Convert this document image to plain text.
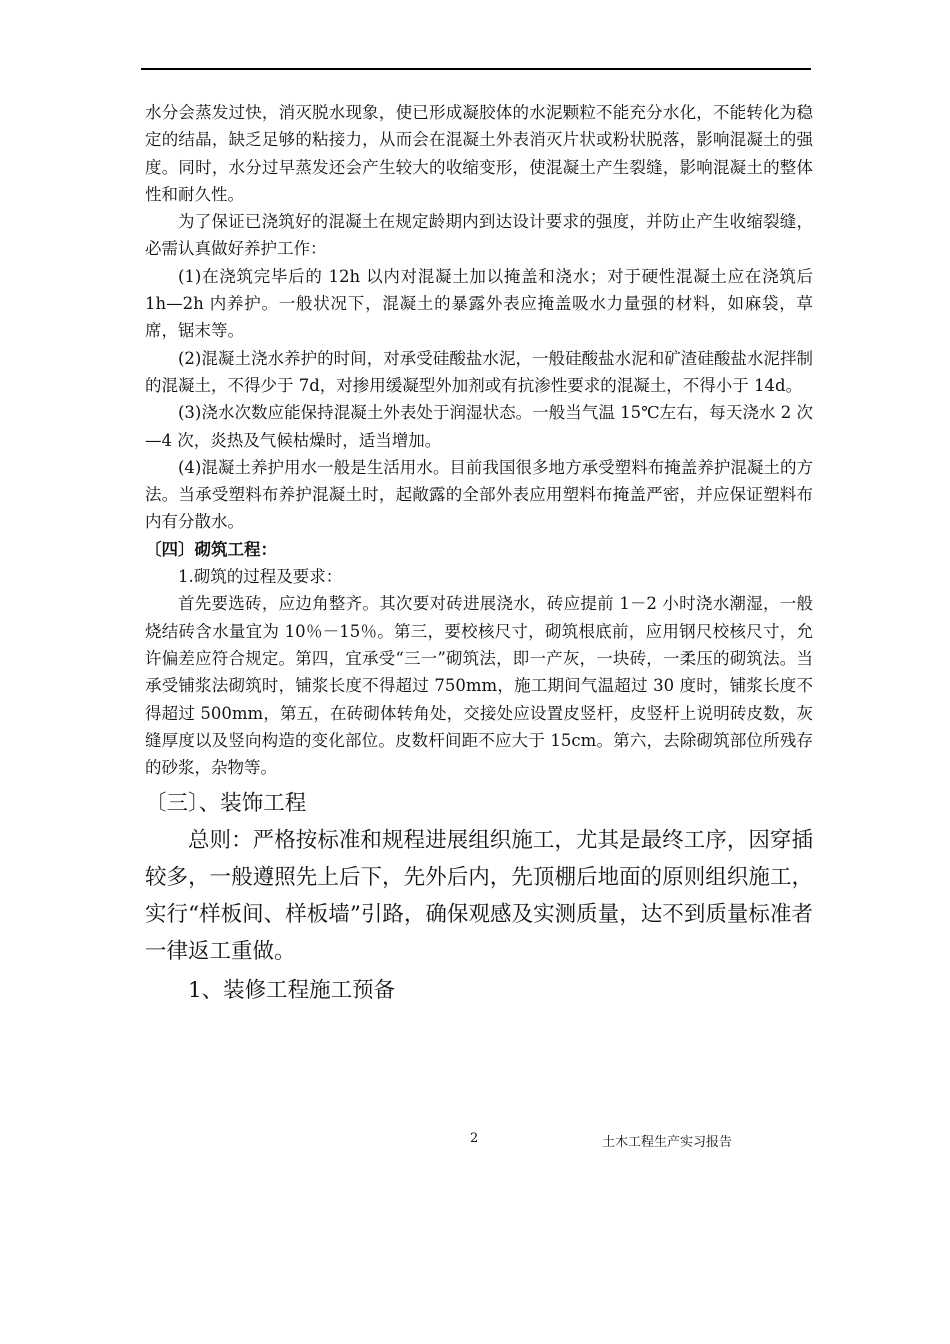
水分会蒸发过快，消灭脱水现象，使已形成凝胶体的水泥颗粒不能充分水化，不能转化为稳定的结晶，缺乏足够的粘接力，从而会在混凝土外表消灭片状或粉状脱落，影响混凝土的强度。同时，水分过早蒸发还会产生较大的收缩变形，使混凝土产生裂缝，影响混凝土的整体性和耐久性。

为了保证已浇筑好的混凝土在规定龄期内到达设计要求的强度，并防止产生收缩裂缝，必需认真做好养护工作：

(1)在浇筑完毕后的 12h 以内对混凝土加以掩盖和浇水；对于硬性混凝土应在浇筑后 1h—2h 内养护。一般状况下，混凝土的暴露外表应掩盖吸水力量强的材料，如麻袋，草席，锯末等。

(2)混凝土浇水养护的时间，对承受硅酸盐水泥，一般硅酸盐水泥和矿渣硅酸盐水泥拌制的混凝土，不得少于 7d，对掺用缓凝型外加剂或有抗渗性要求的混凝土，不得小于 14d。

(3)浇水次数应能保持混凝土外表处于润湿状态。一般当气温 15℃左右，每天浇水 2 次—4 次，炎热及气候枯燥时，适当增加。

(4)混凝土养护用水一般是生活用水。目前我国很多地方承受塑料布掩盖养护混凝土的方法。当承受塑料布养护混凝土时，起敞露的全部外表应用塑料布掩盖严密，并应保证塑料布内有分散水。

〔四〕砌筑工程：

1.砌筑的过程及要求：

首先要选砖，应边角整齐。其次要对砖进展浇水，砖应提前 1－2 小时浇水潮湿，一般烧结砖含水量宜为 10％－15％。第三，要校核尺寸，砌筑根底前，应用钢尺校核尺寸，允许偏差应符合规定。第四，宜承受“三一”砌筑法，即一产灰，一块砖，一柔压的砌筑法。当承受铺浆法砌筑时，铺浆长度不得超过 750mm，施工期间气温超过 30 度时，铺浆长度不得超过 500mm，第五，在砖砌体转角处，交接处应设置皮竖杆，皮竖杆上说明砖皮数，灰缝厚度以及竖向构造的变化部位。皮数杆间距不应大于 15cm。第六，去除砌筑部位所残存的砂浆，杂物等。

〔三〕、装饰工程

总则：严格按标准和规程进展组织施工，尤其是最终工序，因穿插较多，一般遵照先上后下，先外后内，先顶棚后地面的原则组织施工，实行“样板间、样板墙”引路，确保观感及实测质量，达不到质量标准者一律返工重做。

1、装修工程施工预备

2	土木工程生产实习报告
